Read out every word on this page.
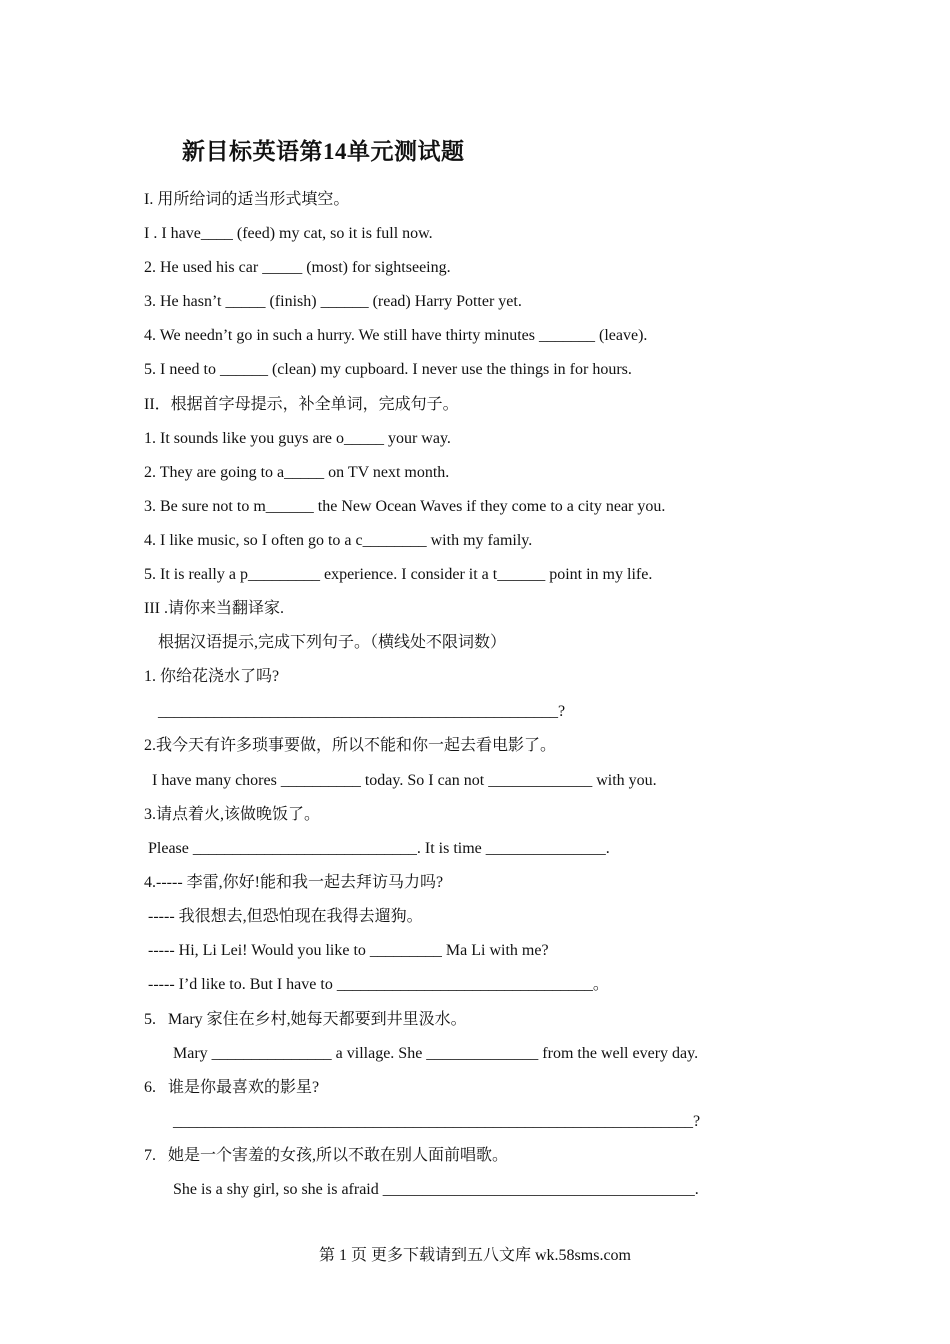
新目标英语第14单元测试题
I. 用所给词的适当形式填空。
I . I have____ (feed) my cat, so it is full now.
2. He used his car _____ (most) for sightseeing.
3. He hasn’t _____ (finish) ______ (read) Harry Potter yet.
4. We needn’t go in such a hurry. We still have thirty minutes _______ (leave).
5. I need to ______ (clean) my cupboard. I never use the things in for hours.
II．根据首字母提示，补全单词，完成句子。
1. It sounds like you guys are o_____ your way.
2. They are going to a_____ on TV next month.
3. Be sure not to m______ the New Ocean Waves if they come to a city near you.
4. I like music, so I often go to a c________ with my family.
5. It is really a p_________ experience. I consider it a t______ point in my life.
III .请你来当翻译家.
根据汉语提示,完成下列句子。（横线处不限词数）
1. 你给花浇水了吗?
__________________________________________________?
2.我今天有许多琐事要做，所以不能和你一起去看电影了。
I have many chores __________ today. So I can not _____________ with you.
3.请点着火,该做晚饭了。
Please ____________________________. It is time _______________.
4.----- 李雷,你好!能和我一起去拜访马力吗?
----- 我很想去,但恐怕现在我得去遛狗。
----- Hi, Li Lei! Would you like to _________ Ma Li with me?
----- I’d like to. But I have to ________________________________。
5.   Mary 家住在乡村,她每天都要到井里汲水。
Mary _______________ a village. She ______________ from the well every day.
6.   谁是你最喜欢的影星?
_________________________________________________________________?
7.   她是一个害羞的女孩,所以不敢在别人面前唱歌。
She is a shy girl, so she is afraid _______________________________________.
第 1 页 更多下载请到五八文库 wk.58sms.com
